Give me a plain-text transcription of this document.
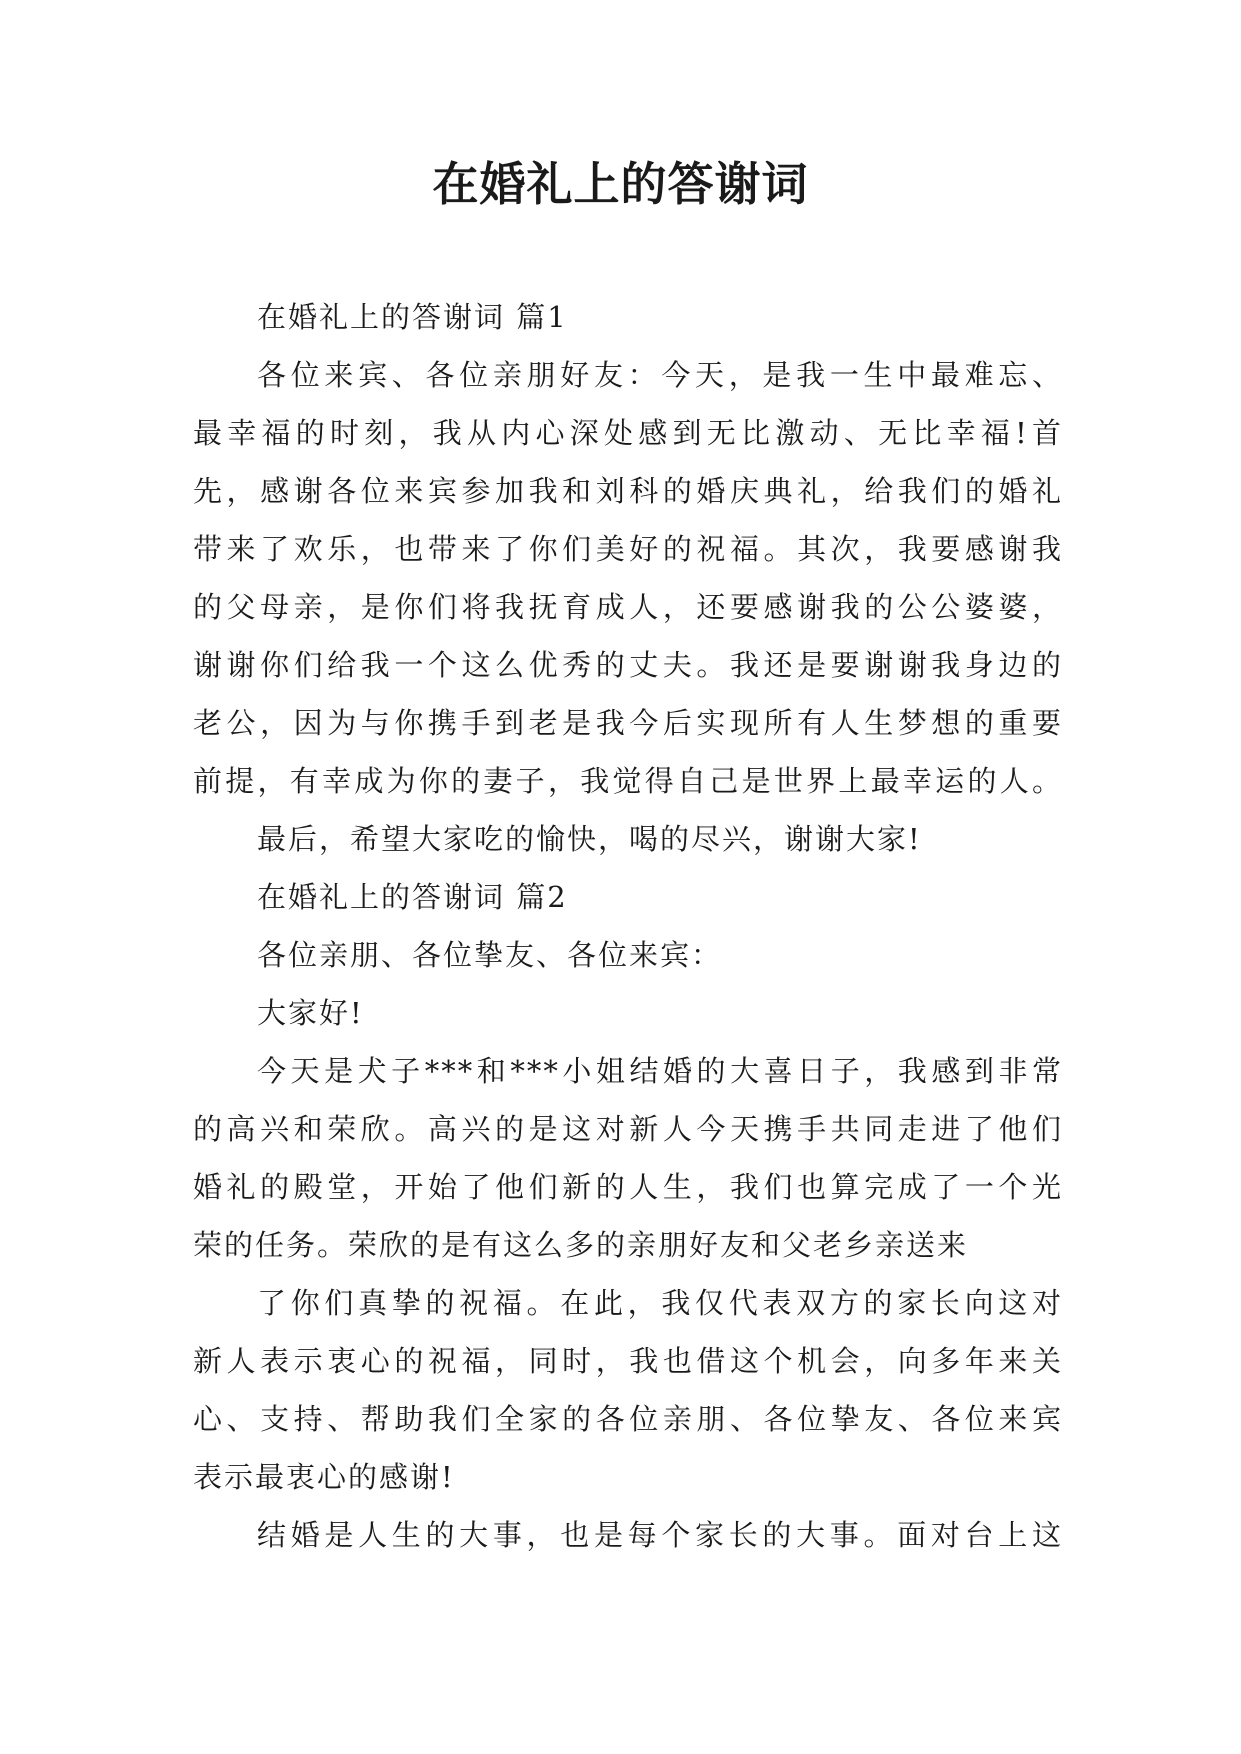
在婚礼上的答谢词
在婚礼上的答谢词 篇1
各位来宾、各位亲朋好友：今天，是我一生中最难忘、
最幸福的时刻，我从内心深处感到无比激动、无比幸福!首
先，感谢各位来宾参加我和刘科的婚庆典礼，给我们的婚礼
带来了欢乐，也带来了你们美好的祝福。其次，我要感谢我
的父母亲，是你们将我抚育成人，还要感谢我的公公婆婆，
谢谢你们给我一个这么优秀的丈夫。我还是要谢谢我身边的
老公，因为与你携手到老是我今后实现所有人生梦想的重要
前提，有幸成为你的妻子，我觉得自己是世界上最幸运的人。
最后，希望大家吃的愉快，喝的尽兴，谢谢大家!
在婚礼上的答谢词 篇2
各位亲朋、各位挚友、各位来宾：
大家好!
今天是犬子***和***小姐结婚的大喜日子，我感到非常
的高兴和荣欣。高兴的是这对新人今天携手共同走进了他们
婚礼的殿堂，开始了他们新的人生，我们也算完成了一个光
荣的任务。荣欣的是有这么多的亲朋好友和父老乡亲送来
了你们真挚的祝福。在此，我仅代表双方的家长向这对
新人表示衷心的祝福，同时，我也借这个机会，向多年来关
心、支持、帮助我们全家的各位亲朋、各位挚友、各位来宾
表示最衷心的感谢!
结婚是人生的大事，也是每个家长的大事。面对台上这
